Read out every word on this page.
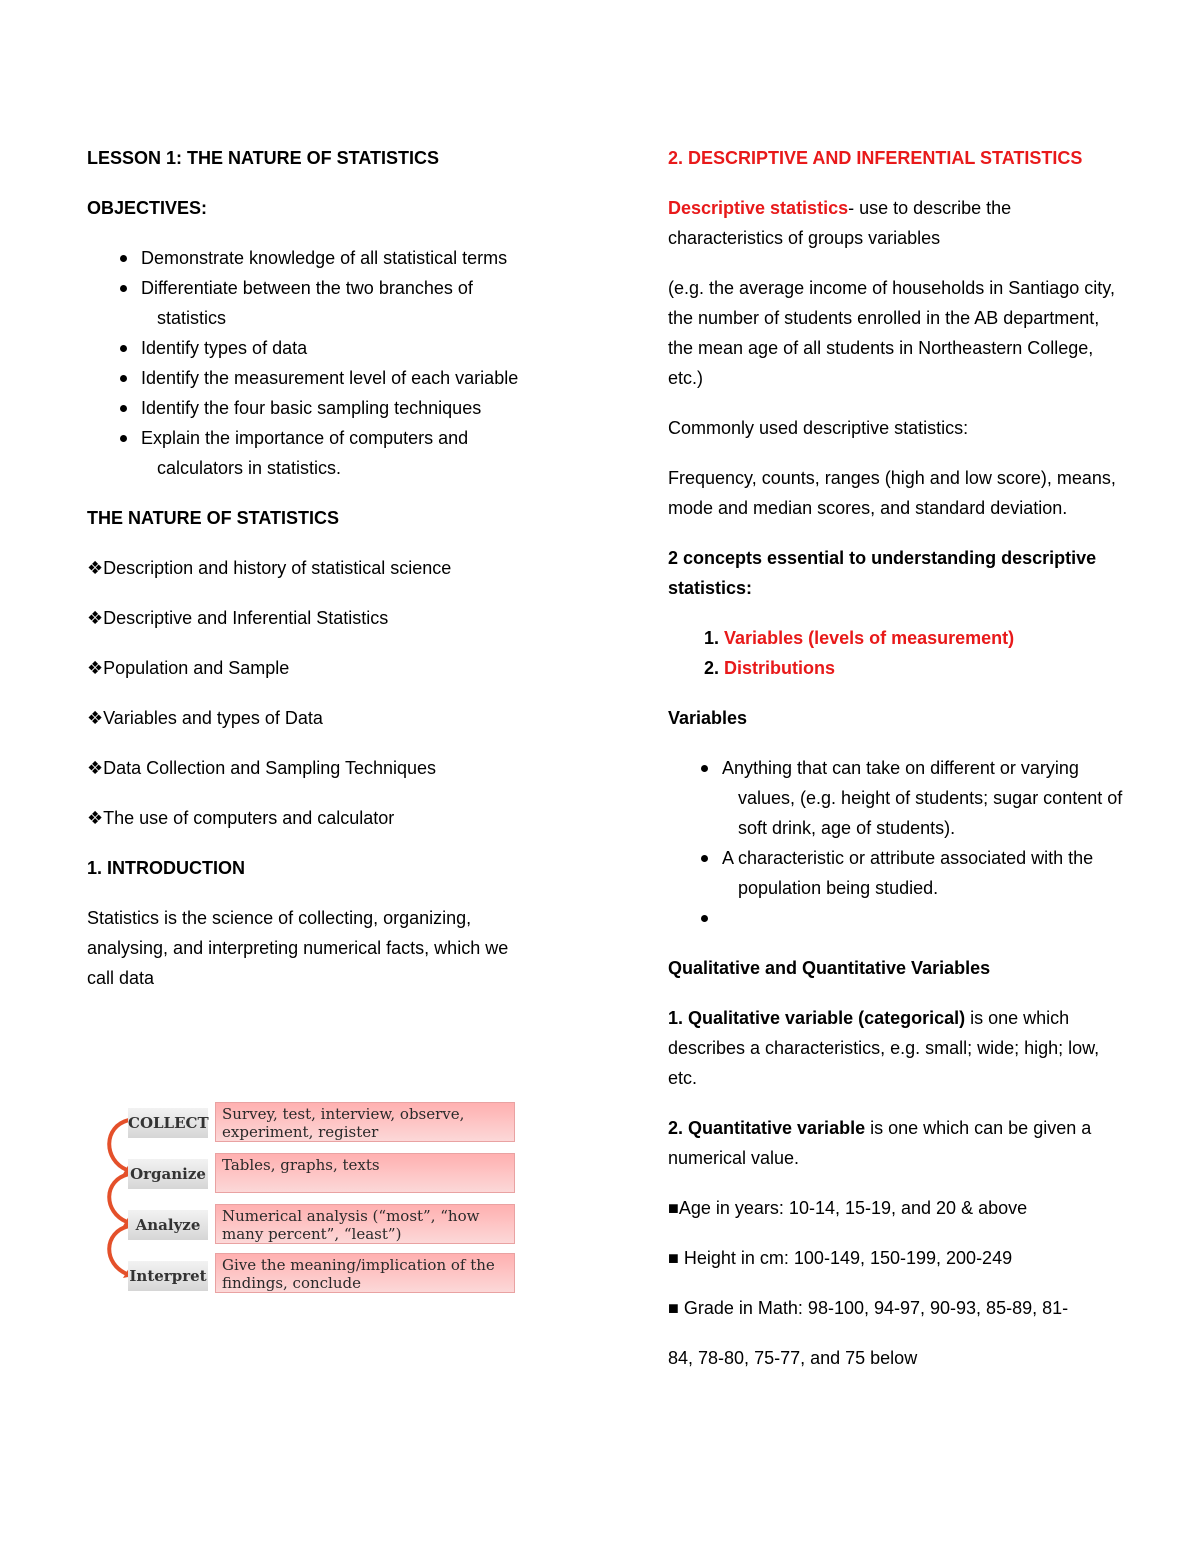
LESSON 1: THE NATURE OF STATISTICS
OBJECTIVES:
Demonstrate knowledge of all statistical terms
Differentiate between the two branches of statistics
Identify types of data
Identify the measurement level of each variable
Identify the four basic sampling techniques
Explain the importance of computers and calculators in statistics.
THE NATURE OF STATISTICS
❖Description and history of statistical science
❖Descriptive and Inferential Statistics
❖Population and Sample
❖Variables and types of Data
❖Data Collection and Sampling Techniques
❖The use of computers and calculator
1. INTRODUCTION
Statistics is the science of collecting, organizing, analysing, and interpreting numerical facts, which we call data
COLLECT Survey, test, interview, observe, experiment, register
Organize	Tables, graphs, texts
Analyze	Numerical analysis (“most”, “how many percent”, “least”)
Interpret
Give the meaning/implication of the findings, conclude
2. DESCRIPTIVE AND INFERENTIAL STATISTICS
Descriptive statistics- use to describe the characteristics of groups variables
(e.g. the average income of households in Santiago city, the number of students enrolled in the AB department, the mean age of all students in Northeastern College, etc.)
Commonly used descriptive statistics:
Frequency, counts, ranges (high and low score), means, mode and median scores, and standard deviation.
2 concepts essential to understanding descriptive statistics:
1. Variables (levels of measurement)
2. Distributions
Variables
Anything that can take on different or varying values, (e.g. height of students; sugar content of soft drink, age of students).
A characteristic or attribute associated with the population being studied.
Qualitative and Quantitative Variables
1. Qualitative variable (categorical) is one which describes a characteristics, e.g. small; wide; high; low, etc.
2. Quantitative variable is one which can be given a numerical value.
■Age in years: 10-14, 15-19, and 20 & above
■ Height in cm: 100-149, 150-199, 200-249
■ Grade in Math: 98-100, 94-97, 90-93, 85-89, 81-
84, 78-80, 75-77, and 75 below
